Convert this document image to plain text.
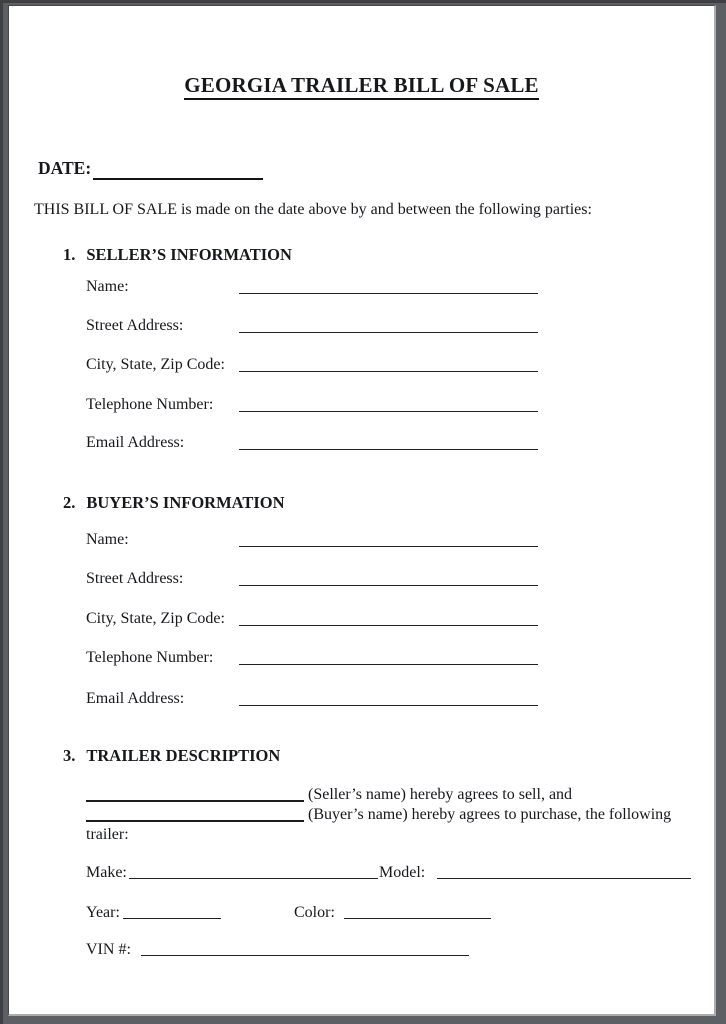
GEORGIA TRAILER BILL OF SALE
DATE:
THIS BILL OF SALE is made on the date above by and between the following parties:
1. SELLER’S INFORMATION
Name:
Street Address:
City, State, Zip Code:
Telephone Number:
Email Address:
2. BUYER’S INFORMATION
Name:
Street Address:
City, State, Zip Code:
Telephone Number:
Email Address:
3. TRAILER DESCRIPTION
(Seller’s name) hereby agrees to sell, and
(Buyer’s name) hereby agrees to purchase, the following
trailer:
Make:	Model:
Year:	Color:
VIN #:
